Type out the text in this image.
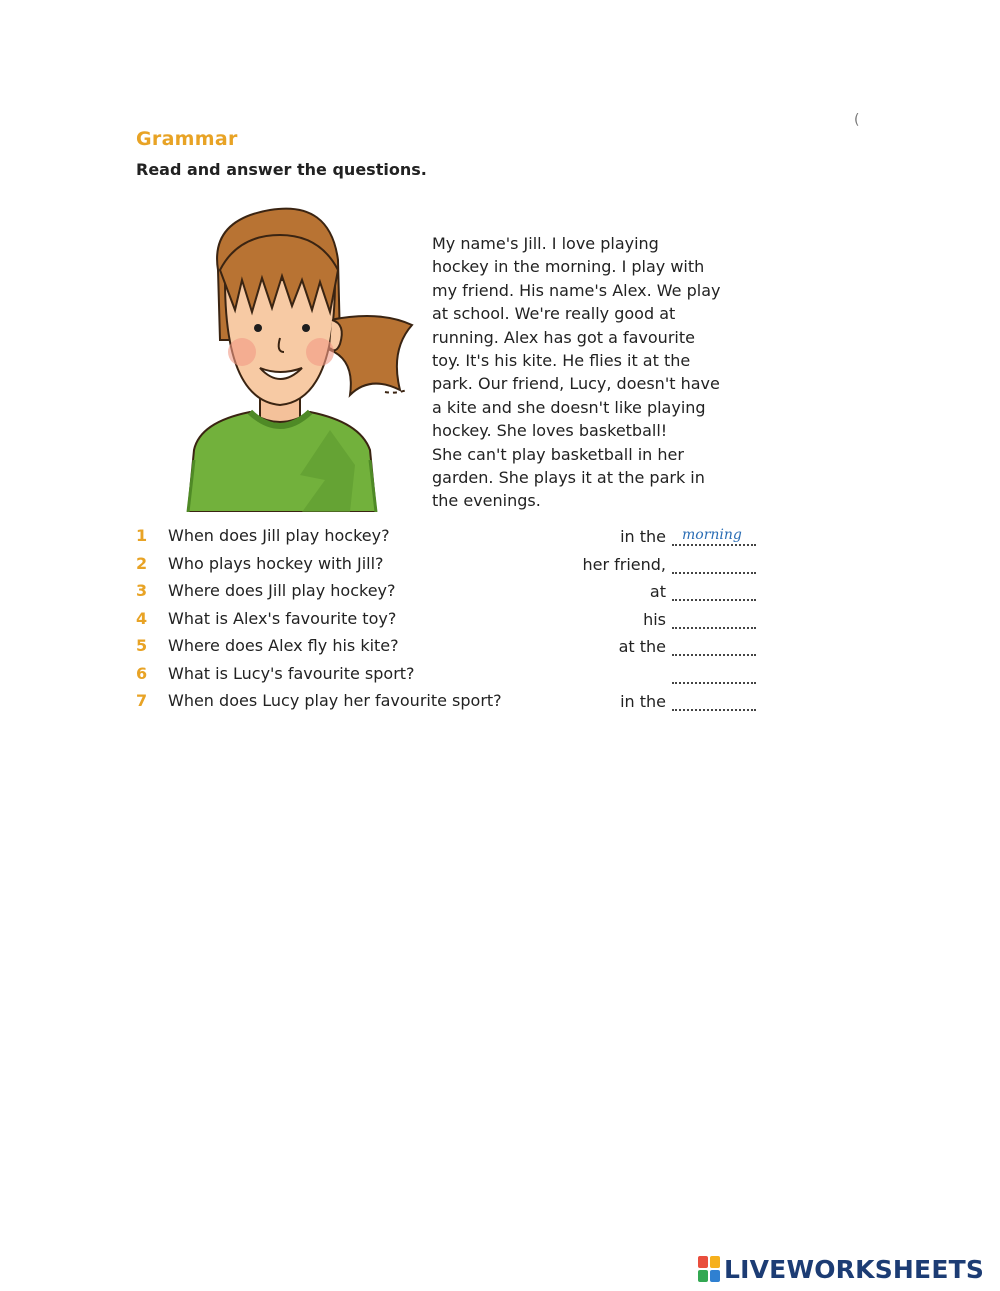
(
Grammar
Read and answer the questions.
My name's Jill. I love playing
hockey in the morning. I play with
my friend. His name's Alex. We play
at school. We're really good at
running. Alex has got a favourite
toy. It's his kite. He flies it at the
park. Our friend, Lucy, doesn't have
a kite and she doesn't like playing
hockey. She loves basketball!
She can't play basketball in her
garden. She plays it at the park in
the evenings.
1	When does Jill play hockey?	in the morning
2	Who plays hockey with Jill?	her friend,
3	Where does Jill play hockey?	at
4	What is Alex's favourite toy?	his
5	Where does Alex fly his kite?	at the
6	What is Lucy's favourite sport?
7	When does Lucy play her favourite sport?	in the
LIVEWORKSHEETS
